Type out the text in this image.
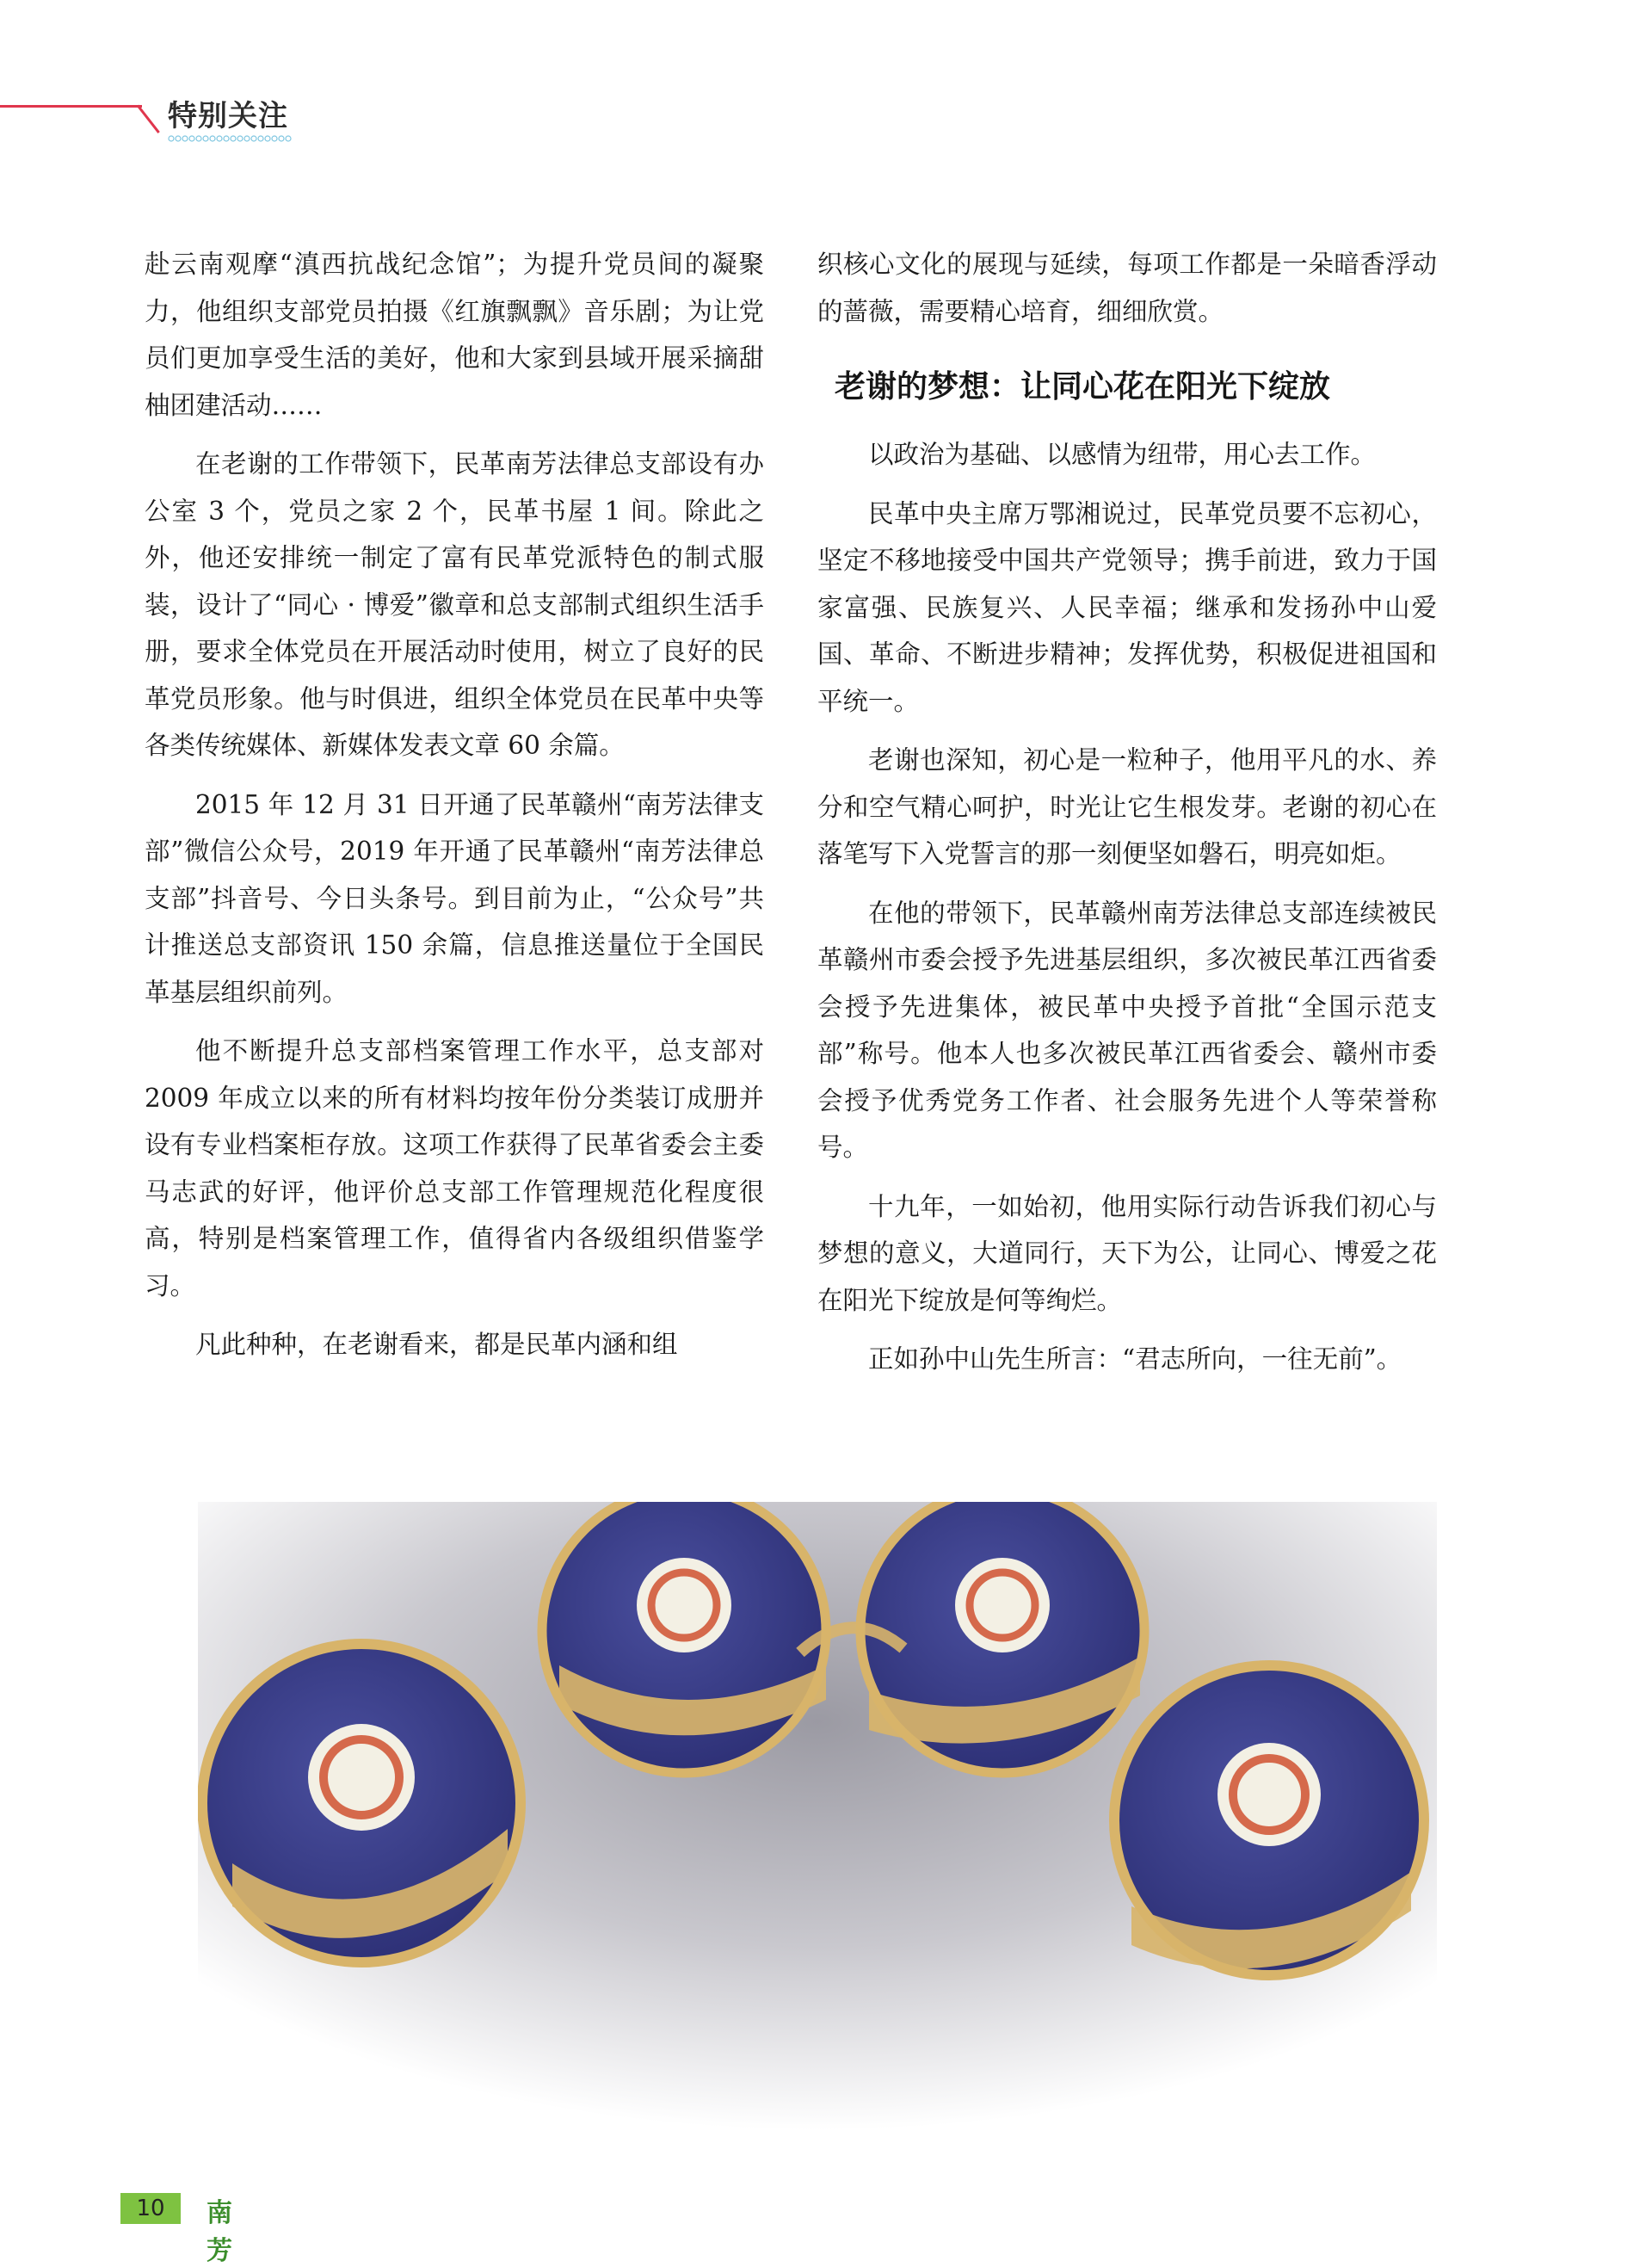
特别关注

赴云南观摩“滇西抗战纪念馆”；为提升党员间的凝聚力，他组织支部党员拍摄《红旗飘飘》音乐剧；为让党员们更加享受生活的美好，他和大家到县域开展采摘甜柚团建活动……

在老谢的工作带领下，民革南芳法律总支部设有办公室 3 个，党员之家 2 个，民革书屋 1 间。除此之外，他还安排统一制定了富有民革党派特色的制式服装，设计了“同心 · 博爱”徽章和总支部制式组织生活手册，要求全体党员在开展活动时使用，树立了良好的民革党员形象。他与时俱进，组织全体党员在民革中央等各类传统媒体、新媒体发表文章 60 余篇。

2015 年 12 月 31 日开通了民革赣州“南芳法律支部”微信公众号，2019 年开通了民革赣州“南芳法律总支部”抖音号、今日头条号。到目前为止，“公众号”共计推送总支部资讯 150 余篇，信息推送量位于全国民革基层组织前列。

他不断提升总支部档案管理工作水平，总支部对 2009 年成立以来的所有材料均按年份分类装订成册并设有专业档案柜存放。这项工作获得了民革省委会主委马志武的好评，他评价总支部工作管理规范化程度很高，特别是档案管理工作，值得省内各级组织借鉴学习。

凡此种种，在老谢看来，都是民革内涵和组

织核心文化的展现与延续，每项工作都是一朵暗香浮动的蔷薇，需要精心培育，细细欣赏。

老谢的梦想：让同心花在阳光下绽放

以政治为基础、以感情为纽带，用心去工作。

民革中央主席万鄂湘说过，民革党员要不忘初心，坚定不移地接受中国共产党领导；携手前进，致力于国家富强、民族复兴、人民幸福；继承和发扬孙中山爱国、革命、不断进步精神；发挥优势，积极促进祖国和平统一。

老谢也深知，初心是一粒种子，他用平凡的水、养分和空气精心呵护，时光让它生根发芽。老谢的初心在落笔写下入党誓言的那一刻便坚如磐石，明亮如炬。

在他的带领下，民革赣州南芳法律总支部连续被民革赣州市委会授予先进基层组织，多次被民革江西省委会授予先进集体，被民革中央授予首批“全国示范支部”称号。他本人也多次被民革江西省委会、赣州市委会授予优秀党务工作者、社会服务先进个人等荣誉称号。

十九年，一如始初，他用实际行动告诉我们初心与梦想的意义，大道同行，天下为公，让同心、博爱之花在阳光下绽放是何等绚烂。

正如孙中山先生所言：“君志所向，一往无前”。

10	南芳
